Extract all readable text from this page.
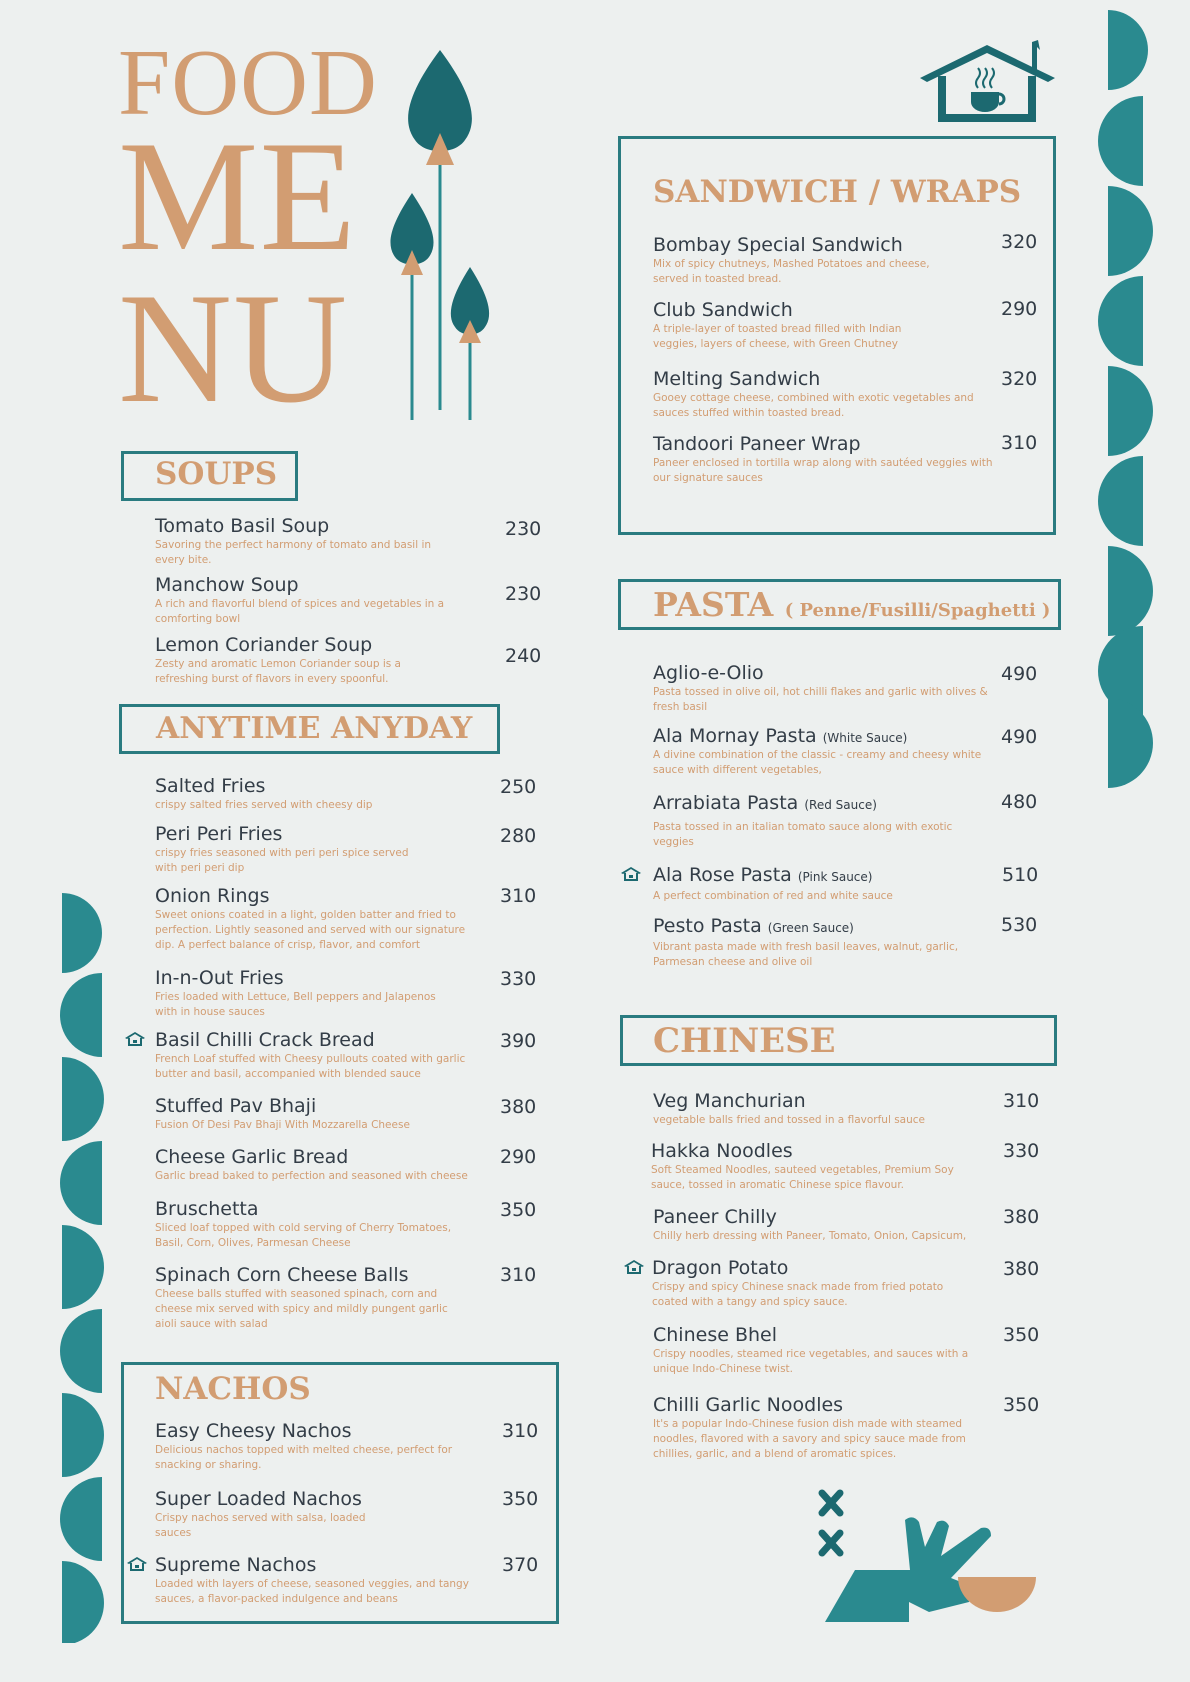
FOOD
ME
NU
SOUPS
Tomato Basil Soup
Savoring the perfect harmony of tomato and basil in every bite.
230
Manchow Soup
A rich and flavorful blend of spices and vegetables in a comforting bowl
230
Lemon Coriander Soup
Zesty and aromatic Lemon Coriander soup is a refreshing burst of flavors in every spoonful.
240
ANYTIME ANYDAY
Salted Fries
crispy salted fries served with cheesy dip
250
Peri Peri Fries
crispy fries seasoned with peri peri spice served with peri peri dip
280
Onion Rings
Sweet onions coated in a light, golden batter and fried to perfection. Lightly seasoned and served with our signature dip. A perfect balance of crisp, flavor, and comfort
310
In-n-Out Fries
Fries loaded with Lettuce, Bell peppers and Jalapenos with in house sauces
330
Basil Chilli Crack Bread
French Loaf stuffed with Cheesy pullouts coated with garlic butter and basil, accompanied with blended sauce
390
Stuffed Pav Bhaji
Fusion Of Desi Pav Bhaji With Mozzarella Cheese
380
Cheese Garlic Bread
Garlic bread baked to perfection and seasoned with cheese
290
Bruschetta
Sliced loaf topped with cold serving of Cherry Tomatoes, Basil, Corn, Olives, Parmesan Cheese
350
Spinach Corn Cheese Balls
Cheese balls stuffed with seasoned spinach, corn and cheese mix served with spicy and mildly pungent garlic aioli sauce with salad
310
NACHOS
Easy Cheesy Nachos
Delicious nachos topped with melted cheese, perfect for snacking or sharing.
310
Super Loaded Nachos
Crispy nachos served with salsa, loaded sauces
350
Supreme Nachos
Loaded with layers of cheese, seasoned veggies, and tangy sauces, a flavor-packed indulgence and beans
370
SANDWICH / WRAPS
Bombay Special Sandwich
Mix of spicy chutneys, Mashed Potatoes and cheese, served in toasted bread.
320
Club Sandwich
A triple-layer of toasted bread filled with Indian veggies, layers of cheese, with Green Chutney
290
Melting Sandwich
Gooey cottage cheese, combined with exotic vegetables and sauces stuffed within toasted bread.
320
Tandoori Paneer Wrap
Paneer enclosed in tortilla wrap along with sautéed veggies with our signature sauces
310
PASTA ( Penne/Fusilli/Spaghetti )
Aglio-e-Olio
Pasta tossed in olive oil, hot chilli flakes and garlic with olives & fresh basil
490
Ala Mornay Pasta (White Sauce)
A divine combination of the classic - creamy and cheesy white sauce with different vegetables,
490
Arrabiata Pasta (Red Sauce)
Pasta tossed in an italian tomato sauce along with exotic veggies
480
Ala Rose Pasta (Pink Sauce)
A perfect combination of red and white sauce
510
Pesto Pasta (Green Sauce)
Vibrant pasta made with fresh basil leaves, walnut, garlic, Parmesan cheese and olive oil
530
CHINESE
Veg Manchurian
vegetable balls fried and tossed in a flavorful sauce
310
Hakka Noodles
Soft Steamed Noodles, sauteed vegetables, Premium Soy sauce, tossed in aromatic Chinese spice flavour.
330
Paneer Chilly
Chilly herb dressing with Paneer, Tomato, Onion, Capsicum,
380
Dragon Potato
Crispy and spicy Chinese snack made from fried potato coated with a tangy and spicy sauce.
380
Chinese Bhel
Crispy noodles, steamed rice vegetables, and sauces with a unique Indo-Chinese twist.
350
Chilli Garlic Noodles
It's a popular Indo-Chinese fusion dish made with steamed noodles, flavored with a savory and spicy sauce made from chillies, garlic, and a blend of aromatic spices.
350
